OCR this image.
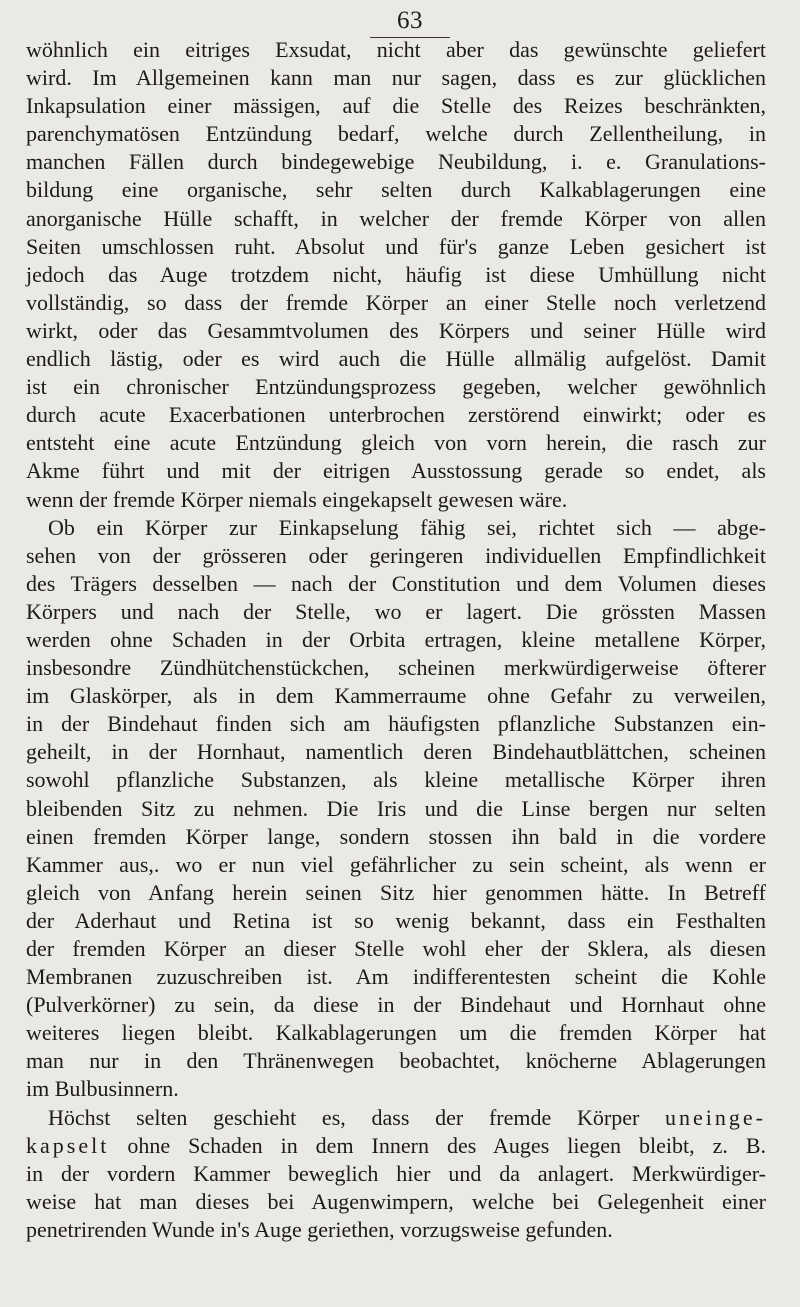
63
wöhnlich ein eitriges Exsudat, nicht aber das gewünschte geliefert
wird. Im Allgemeinen kann man nur sagen, dass es zur glücklichen
Inkapsulation einer mässigen, auf die Stelle des Reizes beschränkten,
parenchymatösen Entzündung bedarf, welche durch Zellentheilung, in
manchen Fällen durch bindegewebige Neubildung, i. e. Granulations-
bildung eine organische, sehr selten durch Kalkablagerungen eine
anorganische Hülle schafft, in welcher der fremde Körper von allen
Seiten umschlossen ruht. Absolut und für's ganze Leben gesichert ist
jedoch das Auge trotzdem nicht, häufig ist diese Umhüllung nicht
vollständig, so dass der fremde Körper an einer Stelle noch verletzend
wirkt, oder das Gesammtvolumen des Körpers und seiner Hülle wird
endlich lästig, oder es wird auch die Hülle allmälig aufgelöst. Damit
ist ein chronischer Entzündungsprozess gegeben, welcher gewöhnlich
durch acute Exacerbationen unterbrochen zerstörend einwirkt; oder es
entsteht eine acute Entzündung gleich von vorn herein, die rasch zur
Akme führt und mit der eitrigen Ausstossung gerade so endet, als
wenn der fremde Körper niemals eingekapselt gewesen wäre.
Ob ein Körper zur Einkapselung fähig sei, richtet sich — abge-
sehen von der grösseren oder geringeren individuellen Empfindlichkeit
des Trägers desselben — nach der Constitution und dem Volumen dieses
Körpers und nach der Stelle, wo er lagert. Die grössten Massen
werden ohne Schaden in der Orbita ertragen, kleine metallene Körper,
insbesondre Zündhütchenstückchen, scheinen merkwürdigerweise öfterer
im Glaskörper, als in dem Kammerraume ohne Gefahr zu verweilen,
in der Bindehaut finden sich am häufigsten pflanzliche Substanzen ein-
geheilt, in der Hornhaut, namentlich deren Bindehautblättchen, scheinen
sowohl pflanzliche Substanzen, als kleine metallische Körper ihren
bleibenden Sitz zu nehmen. Die Iris und die Linse bergen nur selten
einen fremden Körper lange, sondern stossen ihn bald in die vordere
Kammer aus,. wo er nun viel gefährlicher zu sein scheint, als wenn er
gleich von Anfang herein seinen Sitz hier genommen hätte. In Betreff
der Aderhaut und Retina ist so wenig bekannt, dass ein Festhalten
der fremden Körper an dieser Stelle wohl eher der Sklera, als diesen
Membranen zuzuschreiben ist. Am indifferentesten scheint die Kohle
(Pulverkörner) zu sein, da diese in der Bindehaut und Hornhaut ohne
weiteres liegen bleibt. Kalkablagerungen um die fremden Körper hat
man nur in den Thränenwegen beobachtet, knöcherne Ablagerungen
im Bulbusinnern.
Höchst selten geschieht es, dass der fremde Körper uneinge-
kapselt ohne Schaden in dem Innern des Auges liegen bleibt, z. B.
in der vordern Kammer beweglich hier und da anlagert. Merkwürdiger-
weise hat man dieses bei Augenwimpern, welche bei Gelegenheit einer
penetrirenden Wunde in's Auge geriethen, vorzugsweise gefunden.
